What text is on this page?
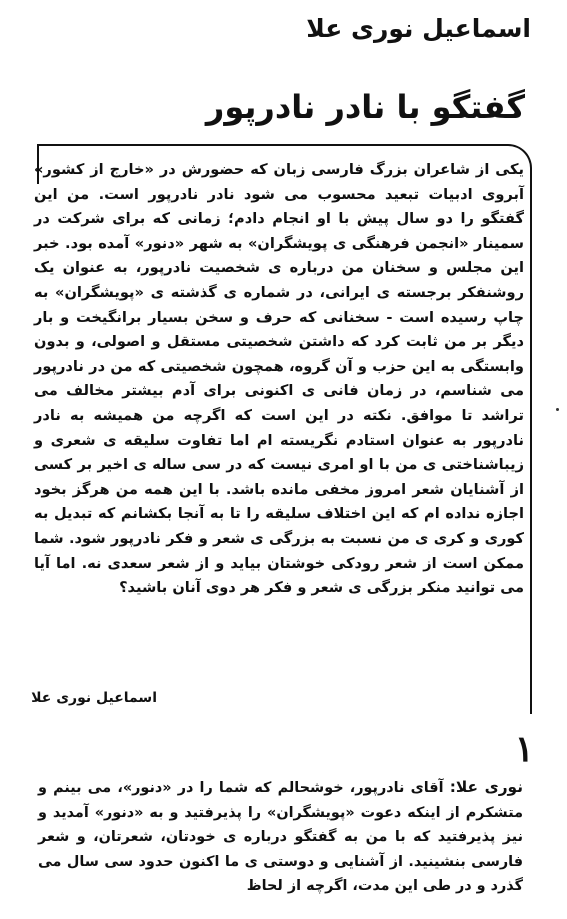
اسماعیل نوری علا
گفتگو با نادر نادرپور

یکی از شاعران بزرگ فارسی زبان که حضورش در «خارج از کشور» آبروی ادبیات تبعید محسوب می شود نادر نادرپور است. من این گفتگو را دو سال پیش با او انجام دادم؛ زمانی که برای شرکت در سمینار «انجمن فرهنگی ی پویشگران» به شهر «دنور» آمده بود. خبر این مجلس و سخنان من درباره ی شخصیت نادرپور، به عنوان یک روشنفکر برجسته ی ایرانی، در شماره ی گذشته ی «پویشگران» به چاپ رسیده است - سخنانی که حرف و سخن بسیار برانگیخت و بار دیگر بر من ثابت کرد که داشتن شخصیتی مستقل و اصولی، و بدون وابستگی به این حزب و آن گروه، همچون شخصیتی که من در نادرپور می شناسم، در زمان فانی ی اکنونی برای آدم بیشتر مخالف می تراشد تا موافق. نکته در این است که اگرچه من همیشه به نادر نادرپور به عنوان استادم نگریسته ام اما تفاوت سلیقه ی شعری و زیباشناختی ی من با او امری نیست که در سی ساله ی اخیر بر کسی از آشنایان شعر امروز مخفی مانده باشد. با این همه من هرگز بخود اجازه نداده ام که این اختلاف سلیقه را تا به آنجا بکشانم که تبدیل به کوری و کری ی من نسبت به بزرگی ی شعر و فکر نادرپور شود. شما ممکن است از شعر رودکی خوشتان بیاید و از شعر سعدی نه. اما آیا می توانید منکر بزرگی ی شعر و فکر هر دوی آنان باشید؟

اسماعیل نوری علا
۱
نوری علا: آقای نادرپور، خوشحالم که شما را در «دنور»، می بینم و متشکرم از اینکه دعوت «پویشگران» را پذیرفتید و به «دنور» آمدید و نیز پذیرفتید که با من به گفتگو درباره ی خودتان، شعرتان، و شعر فارسی بنشینید. از آشنایی و دوستی ی ما اکنون حدود سی سال می گذرد و در طی این مدت، اگرچه از لحاظ
